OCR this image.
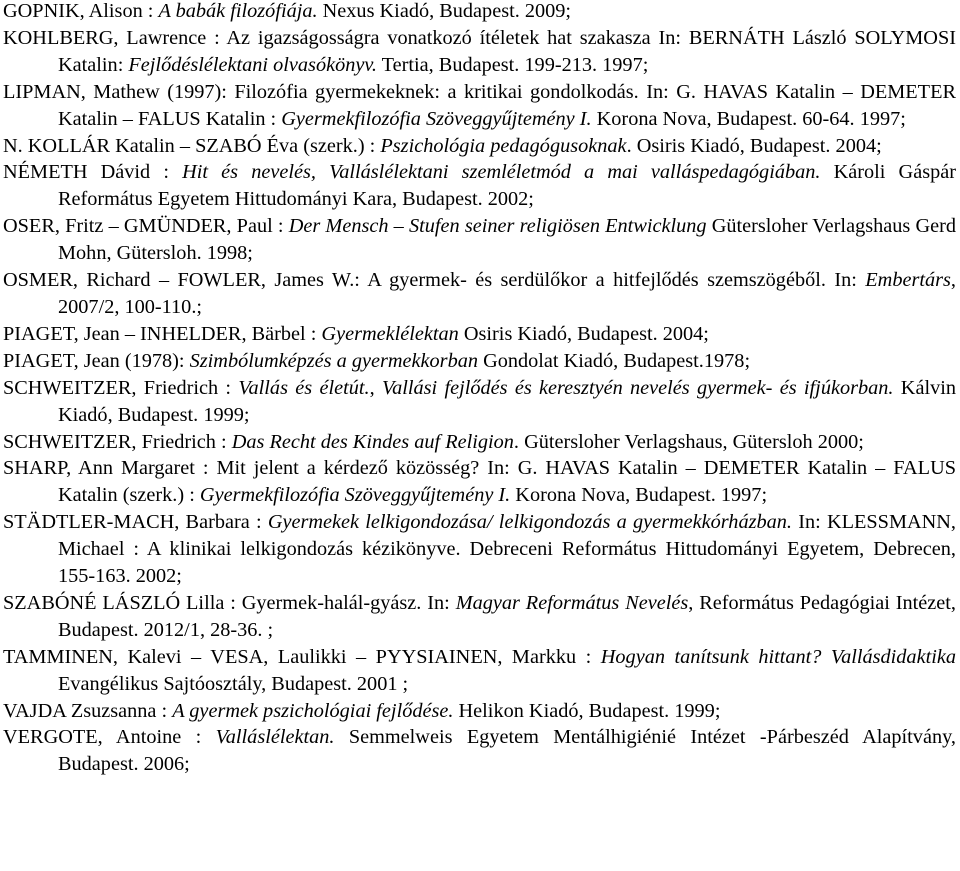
GOPNIK, Alison : A babák filozófiája. Nexus Kiadó, Budapest. 2009;

KOHLBERG, Lawrence : Az igazságosságra vonatkozó ítéletek hat szakasza In: BERNÁTH László SOLYMOSI Katalin: Fejlődéslélektani olvasókönyv. Tertia, Budapest. 199-213. 1997;

LIPMAN, Mathew (1997): Filozófia gyermekeknek: a kritikai gondolkodás. In: G. HAVAS Katalin – DEMETER Katalin – FALUS Katalin : Gyermekfilozófia Szöveggyűjtemény I. Korona Nova, Budapest. 60-64. 1997;

N. KOLLÁR Katalin – SZABÓ Éva (szerk.) : Pszichológia pedagógusoknak. Osiris Kiadó, Budapest. 2004;

NÉMETH Dávid : Hit és nevelés, Valláslélektani szemléletmód a mai valláspedagógiában. Károli Gáspár Református Egyetem Hittudományi Kara, Budapest. 2002;

OSER, Fritz – GMÜNDER, Paul : Der Mensch – Stufen seiner religiösen Entwicklung Gütersloher Verlagshaus Gerd Mohn, Gütersloh. 1998;

OSMER, Richard – FOWLER, James W.: A gyermek- és serdülőkor a hitfejlődés szemszögéből. In: Embertárs, 2007/2, 100-110.;

PIAGET, Jean – INHELDER, Bärbel : Gyermeklélektan Osiris Kiadó, Budapest. 2004;

PIAGET, Jean (1978): Szimbólumképzés a gyermekkorban Gondolat Kiadó, Budapest.1978;

SCHWEITZER, Friedrich : Vallás és életút., Vallási fejlődés és keresztyén nevelés gyermek- és ifjúkorban. Kálvin Kiadó, Budapest. 1999;

SCHWEITZER, Friedrich : Das Recht des Kindes auf Religion. Gütersloher Verlagshaus, Gütersloh 2000;

SHARP, Ann Margaret : Mit jelent a kérdező közösség? In: G. HAVAS Katalin – DEMETER Katalin – FALUS Katalin (szerk.) : Gyermekfilozófia Szöveggyűjtemény I. Korona Nova, Budapest. 1997;

STÄDTLER-MACH, Barbara : Gyermekek lelkigondozása/ lelkigondozás a gyermekkórházban. In: KLESSMANN, Michael : A klinikai lelkigondozás kézikönyve. Debreceni Református Hittudományi Egyetem, Debrecen, 155-163. 2002;

SZABÓNÉ LÁSZLÓ Lilla : Gyermek-halál-gyász. In: Magyar Református Nevelés, Református Pedagógiai Intézet, Budapest. 2012/1, 28-36. ;

TAMMINEN, Kalevi – VESA, Laulikki – PYYSIAINEN, Markku : Hogyan tanítsunk hittant? Vallásdidaktika Evangélikus Sajtóosztály, Budapest. 2001 ;

VAJDA Zsuzsanna : A gyermek pszichológiai fejlődése. Helikon Kiadó, Budapest. 1999;

VERGOTE, Antoine : Valláslélektan. Semmelweis Egyetem Mentálhigiénié Intézet -Párbeszéd Alapítvány, Budapest. 2006;
